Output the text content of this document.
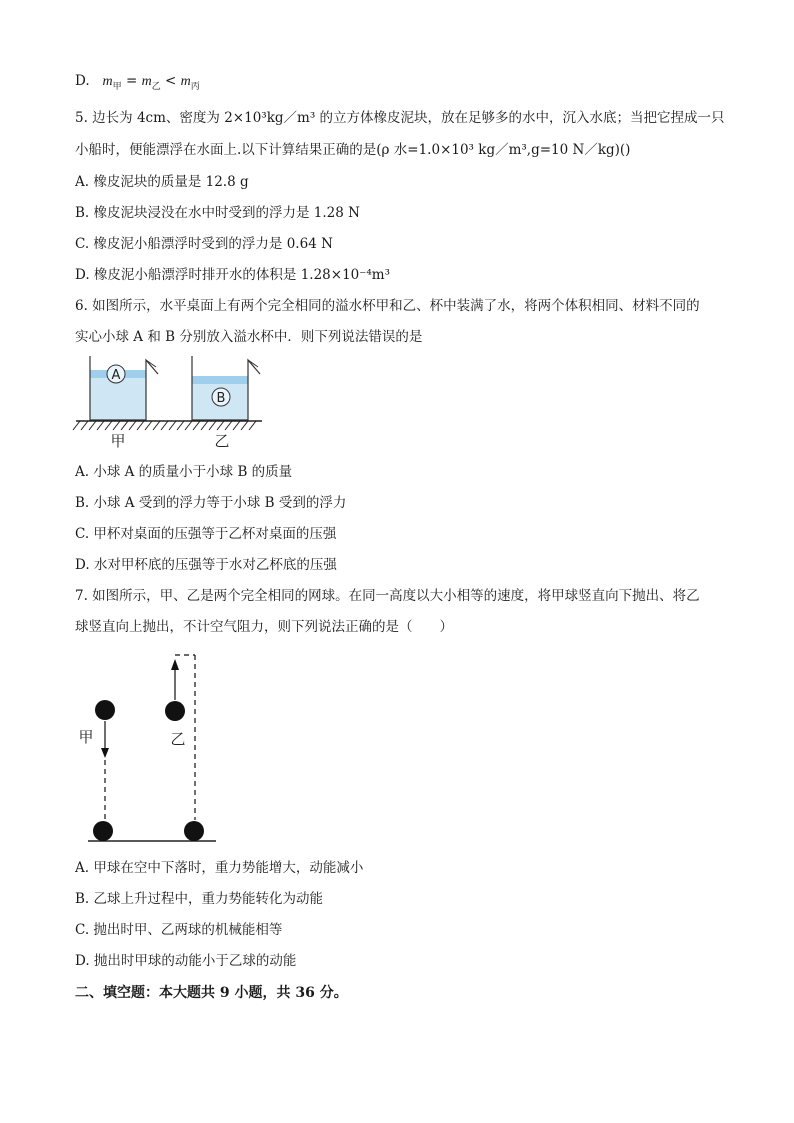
D. $m_甲 = m_乙 < m_丙$
5. 边长为 4cm、密度为 2×10³kg／m³ 的立方体橡皮泥块，放在足够多的水中，沉入水底；当把它捏成一只
小船时，便能漂浮在水面上.以下计算结果正确的是(ρ 水=1.0×10³ kg／m³,g=10 N／kg)()
A. 橡皮泥块的质量是 12.8 g
B. 橡皮泥块浸没在水中时受到的浮力是 1.28 N
C. 橡皮泥小船漂浮时受到的浮力是 0.64 N
D. 橡皮泥小船漂浮时排开水的体积是 1.28×10⁻⁴m³
6. 如图所示，水平桌面上有两个完全相同的溢水杯甲和乙、杯中装满了水，将两个体积相同、材料不同的
实心小球 A 和 B 分别放入溢水杯中．则下列说法错误的是
A
B
甲	乙
A. 小球 A 的质量小于小球 B 的质量
B. 小球 A 受到的浮力等于小球 B 受到的浮力
C. 甲杯对桌面的压强等于乙杯对桌面的压强
D. 水对甲杯底的压强等于水对乙杯底的压强
7. 如图所示，甲、乙是两个完全相同的网球。在同一高度以大小相等的速度，将甲球竖直向下抛出、将乙
球竖直向上抛出，不计空气阻力，则下列说法正确的是（　　）
甲	乙
A. 甲球在空中下落时，重力势能增大，动能减小
B. 乙球上升过程中，重力势能转化为动能
C. 抛出时甲、乙两球的机械能相等
D. 抛出时甲球的动能小于乙球的动能
二、填空题：本大题共 9 小题，共 36 分。
